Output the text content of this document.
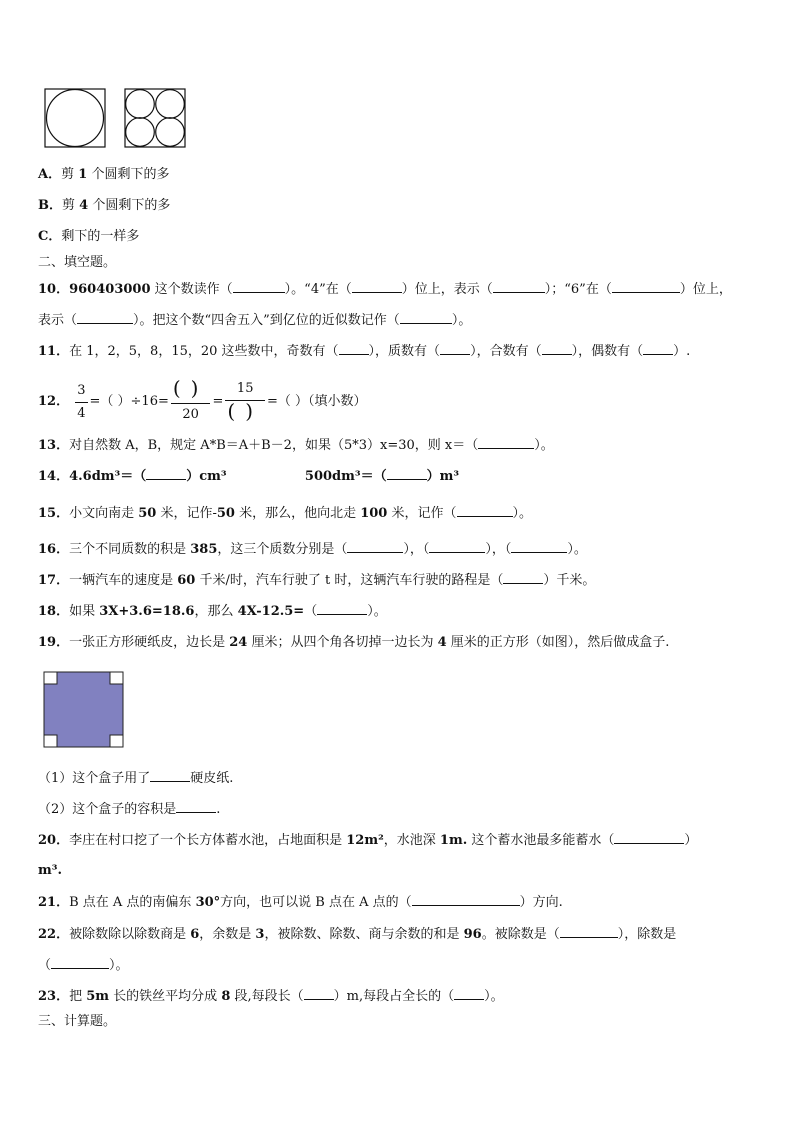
A．剪 1 个圆剩下的多
B．剪 4 个圆剩下的多
C．剩下的一样多
二、填空题。
10．960403000 这个数读作（	）。“4”在（	）位上，表示（	）；“6”在（	）位上，
表示（	）。把这个数“四舍五入”到亿位的近似数记作（	）。
11．在 1，2，5，8，15，20 这些数中，奇数有（ ），质数有（ ），合数有（ ），偶数有（ ）.
12． $\frac{3}{4}$ =（ ）$\div 16= \frac{()}{20} = \frac{15}{()}$ =（ ）（填小数）
13．对自然数 A，B，规定 A*B＝A＋B－2，如果（5*3）x=30，则 x＝（	）。
14．4.6dm³＝（	）cm³	500dm³＝（	）m³
15．小文向南走 50 米，记作-50 米，那么，他向北走 100 米，记作（	）。
16．三个不同质数的积是 385，这三个质数分别是（	），（	），（	）。
17．一辆汽车的速度是 60 千米/时，汽车行驶了 t 时，这辆汽车行驶的路程是（	）千米。
18．如果 3X+3.6=18.6，那么 4X-12.5=（	）。
19．一张正方形硬纸皮，边长是 24 厘米；从四个角各切掉一边长为 4 厘米的正方形（如图），然后做成盒子.
（1）这个盒子用了	硬皮纸.
（2）这个盒子的容积是	.
20．李庄在村口挖了一个长方体蓄水池，占地面积是 12m²，水池深 1m. 这个蓄水池最多能蓄水（	）
m³.
21．B 点在 A 点的南偏东 30°方向，也可以说 B 点在 A 点的（	）方向.
22．被除数除以除数商是 6，余数是 3，被除数、除数、商与余数的和是 96。被除数是（	），除数是
（	）。
23．把 5m 长的铁丝平均分成 8 段,每段长（ ）m,每段占全长的（ ）。
三、计算题。
